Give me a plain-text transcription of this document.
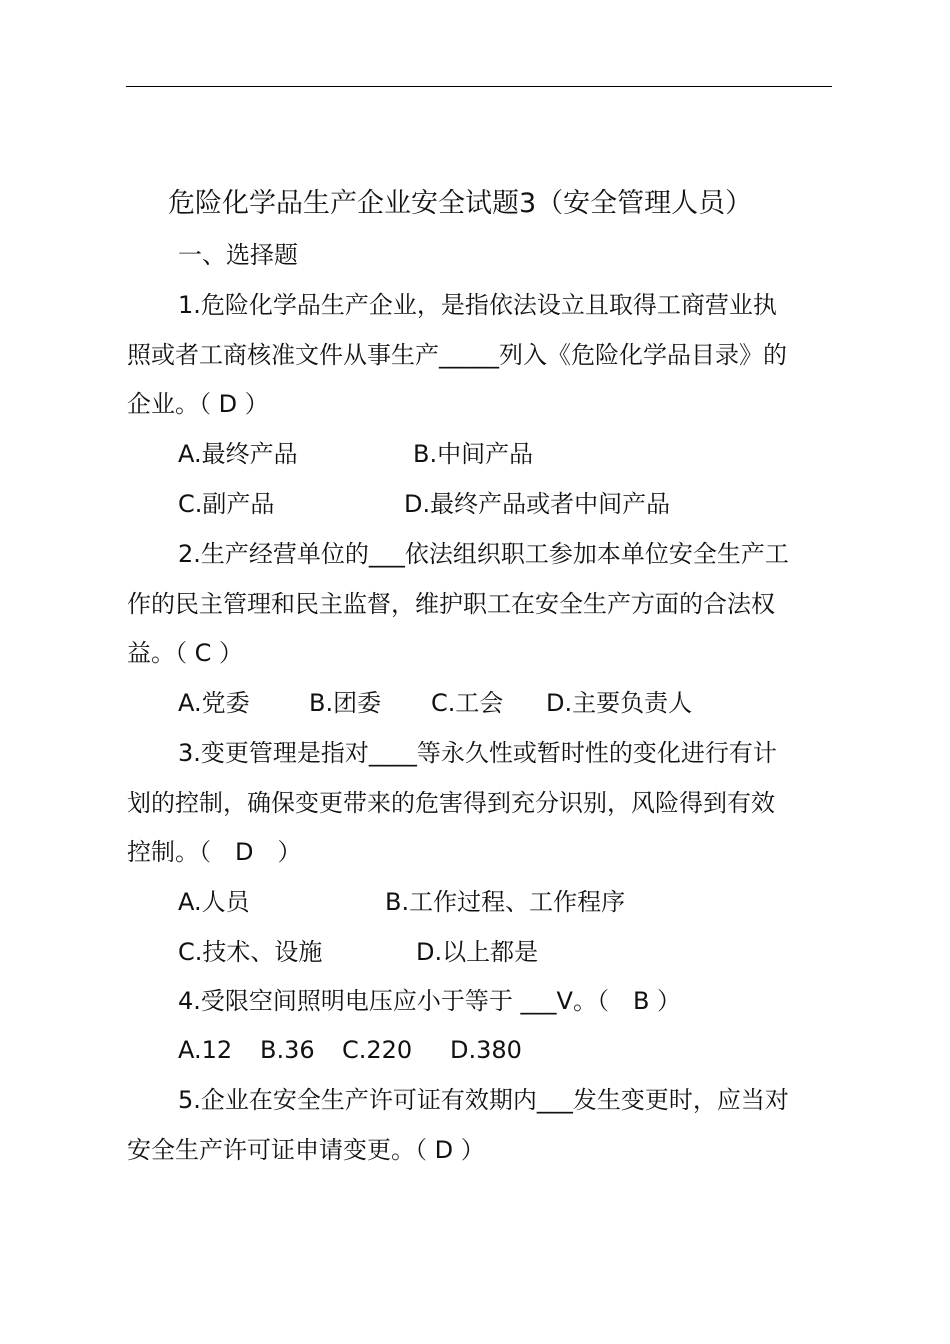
危险化学品生产企业安全试题3（安全管理人员）
一、选择题
1.危险化学品生产企业，是指依法设立且取得工商营业执
照或者工商核准文件从事生产_____列入《危险化学品目录》的
企业。（ D ）
A.最终产品	B.中间产品
C.副产品	D.最终产品或者中间产品
2.生产经营单位的___依法组织职工参加本单位安全生产工
作的民主管理和民主监督，维护职工在安全生产方面的合法权
益。（ C ）
A.党委 B.团委 C.工会 D.主要负责人
3.变更管理是指对____等永久性或暂时性的变化进行有计
划的控制，确保变更带来的危害得到充分识别，风险得到有效
控制。（　D　）
A.人员	B.工作过程、工作程序
C.技术、设施	D.以上都是
4.受限空间照明电压应小于等于 ___V。（　B ）
A.12 B.36 C.220 D.380
5.企业在安全生产许可证有效期内___发生变更时，应当对
安全生产许可证申请变更。（ D ）
